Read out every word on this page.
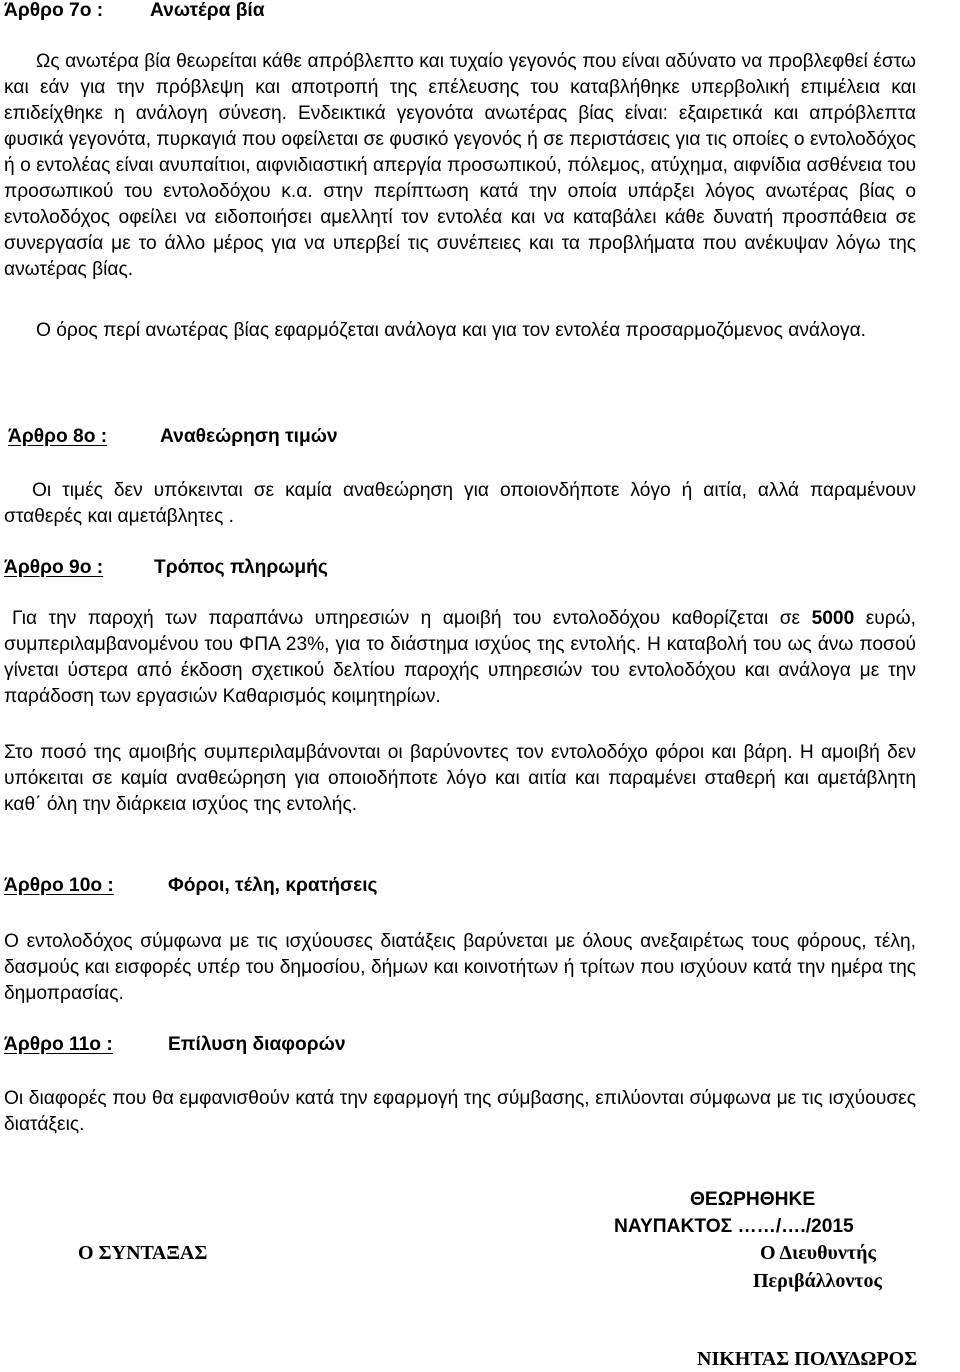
Άρθρο 7ο : Ανωτέρα βία

Ως ανωτέρα βία θεωρείται κάθε απρόβλεπτο και τυχαίο γεγονός που είναι αδύνατο να προβλεφθεί έστω και εάν για την πρόβλεψη και αποτροπή της επέλευσης του καταβλήθηκε υπερβολική επιμέλεια και επιδείχθηκε η ανάλογη σύνεση. Ενδεικτικά γεγονότα ανωτέρας βίας είναι: εξαιρετικά και απρόβλεπτα φυσικά γεγονότα, πυρκαγιά που οφείλεται σε φυσικό γεγονός ή σε περιστάσεις για τις οποίες ο εντολοδόχος ή ο εντολέας είναι ανυπαίτιοι, αιφνιδιαστική απεργία προσωπικού, πόλεμος, ατύχημα, αιφνίδια ασθένεια του προσωπικού του εντολοδόχου κ.α. στην περίπτωση κατά την οποία υπάρξει λόγος ανωτέρας βίας ο εντολοδόχος οφείλει να ειδοποιήσει αμελλητί τον εντολέα και να καταβάλει κάθε δυνατή προσπάθεια σε συνεργασία με το άλλο μέρος για να υπερβεί τις συνέπειες και τα προβλήματα που ανέκυψαν λόγω της ανωτέρας βίας.

Ο όρος περί ανωτέρας βίας εφαρμόζεται ανάλογα και για τον εντολέα προσαρμοζόμενος ανάλογα.

Άρθρο 8ο :	Αναθεώρηση τιμών

Οι τιμές δεν υπόκεινται σε καμία αναθεώρηση για οποιονδήποτε λόγο ή αιτία, αλλά παραμένουν σταθερές και αμετάβλητες .

Άρθρο 9ο :	Τρόπος πληρωμής

Για την παροχή των παραπάνω υπηρεσιών η αμοιβή του εντολοδόχου καθορίζεται σε 5000 ευρώ, συμπεριλαμβανομένου του ΦΠΑ 23%, για το διάστημα ισχύος της εντολής. Η καταβολή του ως άνω ποσού γίνεται ύστερα από έκδοση σχετικού δελτίου παροχής υπηρεσιών του εντολοδόχου και ανάλογα με την παράδοση των εργασιών Καθαρισμός κοιμητηρίων.

Στο ποσό της αμοιβής συμπεριλαμβάνονται οι βαρύνοντες τον εντολοδόχο φόροι και βάρη. Η αμοιβή δεν υπόκειται σε καμία αναθεώρηση για οποιοδήποτε λόγο και αιτία και παραμένει σταθερή και αμετάβλητη καθ΄ όλη την διάρκεια ισχύος της εντολής.

Άρθρο 10ο :	Φόροι, τέλη, κρατήσεις

Ο εντολοδόχος σύμφωνα με τις ισχύουσες διατάξεις βαρύνεται με όλους ανεξαιρέτως τους φόρους, τέλη, δασμούς και εισφορές υπέρ του δημοσίου, δήμων και κοινοτήτων ή τρίτων που ισχύουν κατά την ημέρα της δημοπρασίας.

Άρθρο 11ο :	Επίλυση διαφορών

Οι διαφορές που θα εμφανισθούν κατά την εφαρμογή της σύμβασης, επιλύονται σύμφωνα με τις ισχύουσες διατάξεις.

ΘΕΩΡΗΘΗΚΕ
ΝΑΥΠΑΚΤΟΣ ……/…./2015
Ο ΣΥΝΤΑΞΑΣ	Ο Διευθυντής
Περιβάλλοντος
ΝΙΚΗΤΑΣ ΠΟΛΥΔΩΡΟΣ
